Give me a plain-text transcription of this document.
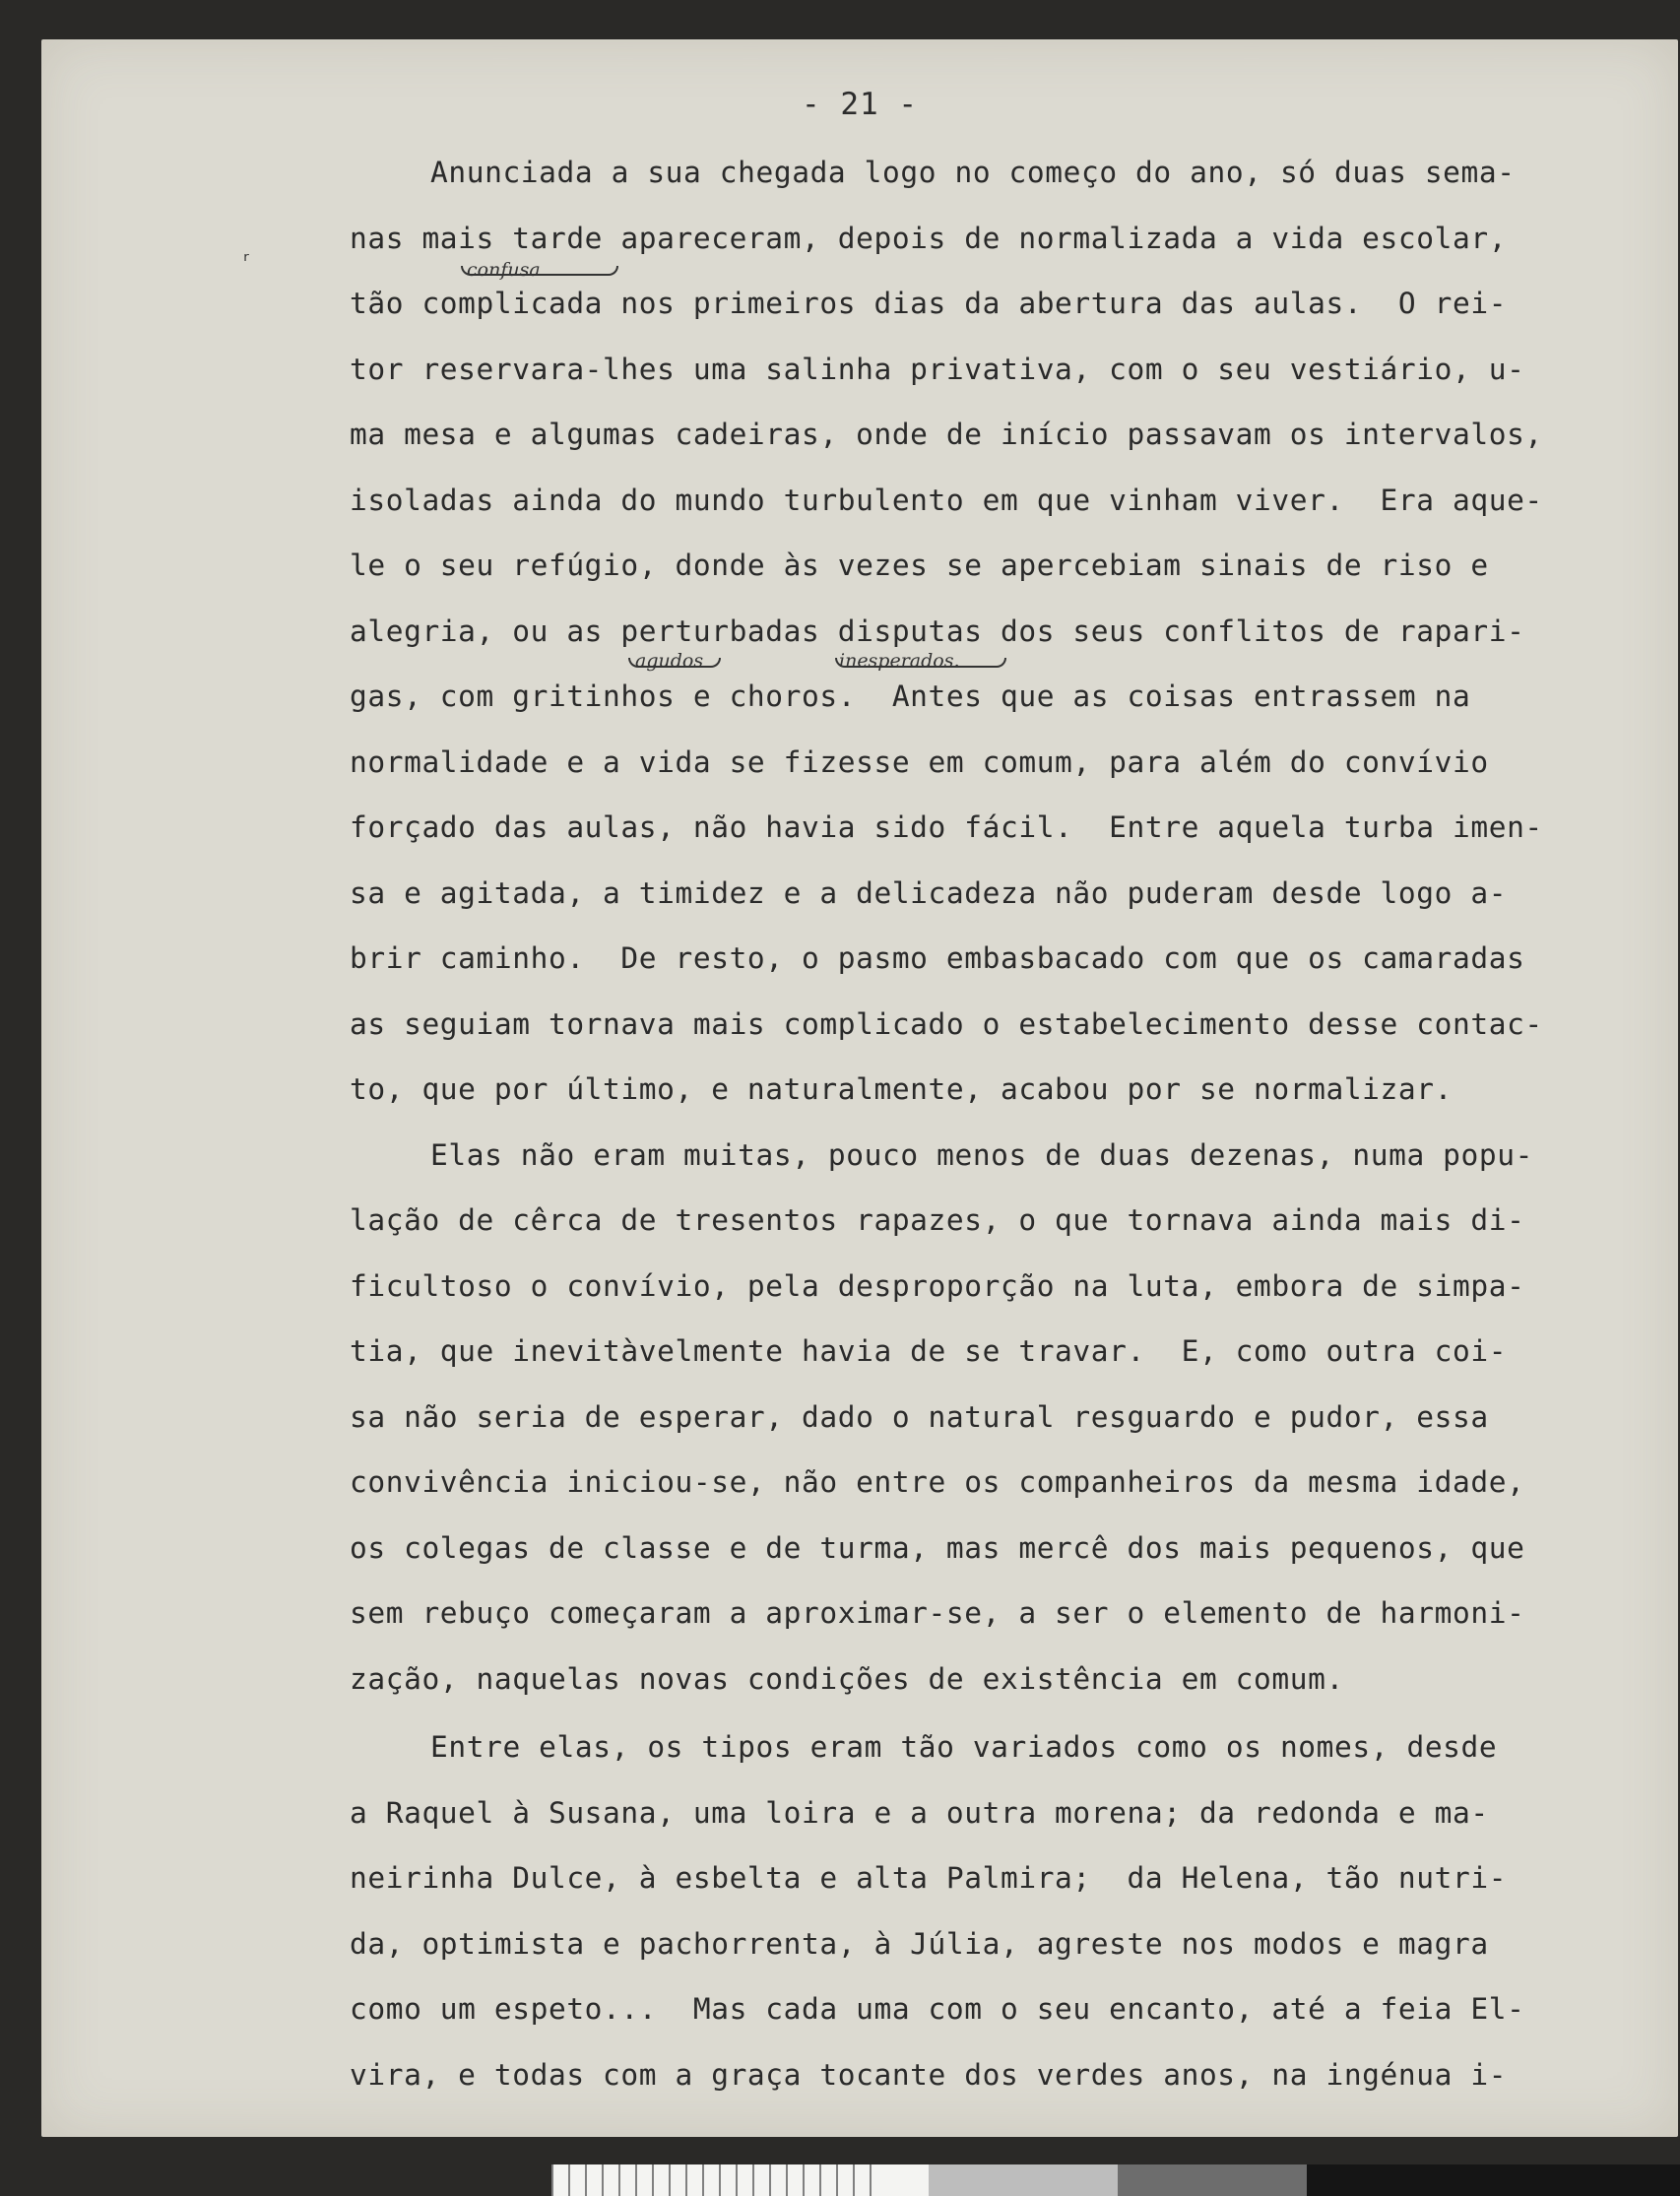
- 21 -
ʳ	confusa
agudos	inesperados.
Anunciada a sua chegada logo no começo do ano, só duas sema-
nas mais tarde apareceram, depois de normalizada a vida escolar,
tão complicada nos primeiros dias da abertura das aulas.  O rei-
tor reservara-lhes uma salinha privativa, com o seu vestiário, u-
ma mesa e algumas cadeiras, onde de início passavam os intervalos,
isoladas ainda do mundo turbulento em que vinham viver.  Era aque-
le o seu refúgio, donde às vezes se apercebiam sinais de riso e
alegria, ou as perturbadas disputas dos seus conflitos de rapari-
gas, com gritinhos e choros.  Antes que as coisas entrassem na
normalidade e a vida se fizesse em comum, para além do convívio
forçado das aulas, não havia sido fácil.  Entre aquela turba imen-
sa e agitada, a timidez e a delicadeza não puderam desde logo a-
brir caminho.  De resto, o pasmo embasbacado com que os camaradas
as seguiam tornava mais complicado o estabelecimento desse contac-
to, que por último, e naturalmente, acabou por se normalizar.
Elas não eram muitas, pouco menos de duas dezenas, numa popu-
lação de cêrca de tresentos rapazes, o que tornava ainda mais di-
ficultoso o convívio, pela desproporção na luta, embora de simpa-
tia, que inevitàvelmente havia de se travar.  E, como outra coi-
sa não seria de esperar, dado o natural resguardo e pudor, essa
convivência iniciou-se, não entre os companheiros da mesma idade,
os colegas de classe e de turma, mas mercê dos mais pequenos, que
sem rebuço começaram a aproximar-se, a ser o elemento de harmoni-
zação, naquelas novas condições de existência em comum.
Entre elas, os tipos eram tão variados como os nomes, desde
a Raquel à Susana, uma loira e a outra morena; da redonda e ma-
neirinha Dulce, à esbelta e alta Palmira;  da Helena, tão nutri-
da, optimista e pachorrenta, à Júlia, agreste nos modos e magra
como um espeto...  Mas cada uma com o seu encanto, até a feia El-
vira, e todas com a graça tocante dos verdes anos, na ingénua i-
